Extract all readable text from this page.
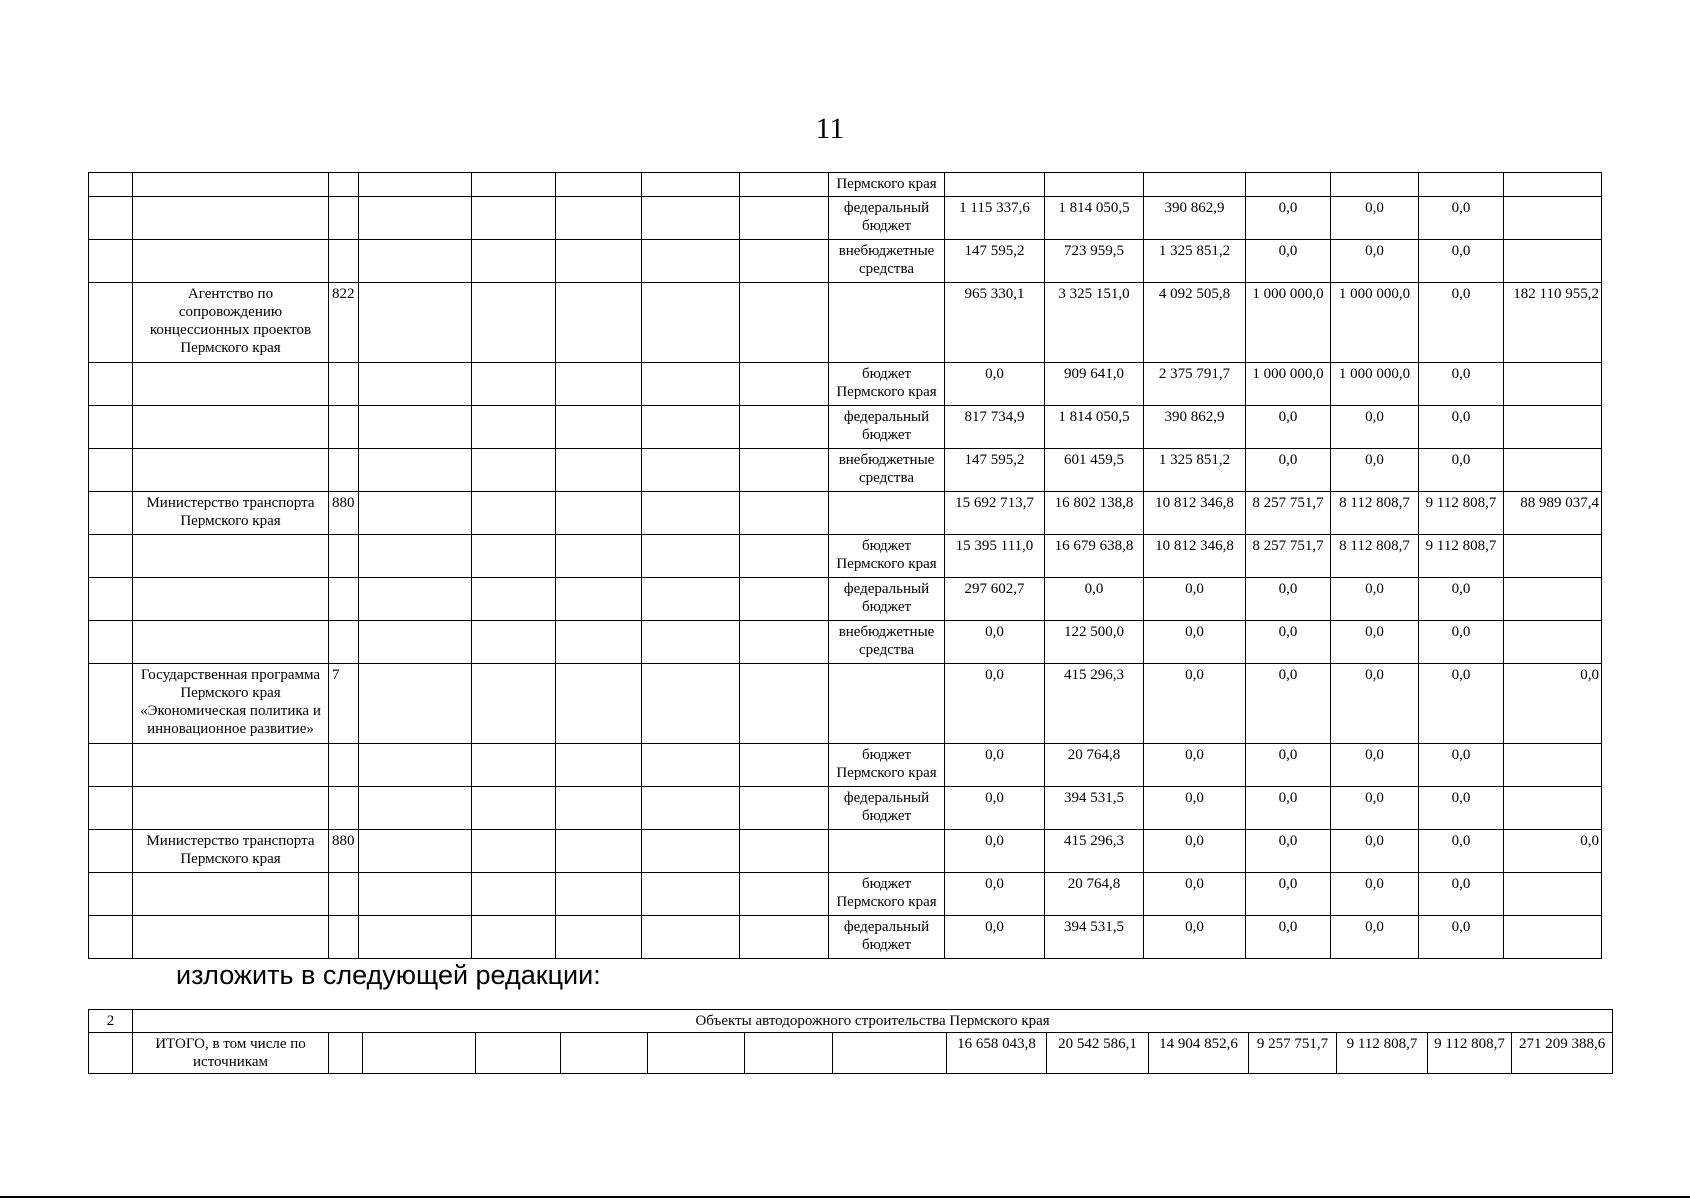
11
								Пермского края							
								федеральный бюджет	1 115 337,6	1 814 050,5	390 862,9	0,0	0,0	0,0	
								внебюджетные средства	147 595,2	723 959,5	1 325 851,2	0,0	0,0	0,0	
	Агентство по сопровождению концессионных проектов Пермского края	822							965 330,1	3 325 151,0	4 092 505,8	1 000 000,0	1 000 000,0	0,0	182 110 955,2
								бюджет Пермского края	0,0	909 641,0	2 375 791,7	1 000 000,0	1 000 000,0	0,0	
								федеральный бюджет	817 734,9	1 814 050,5	390 862,9	0,0	0,0	0,0	
								внебюджетные средства	147 595,2	601 459,5	1 325 851,2	0,0	0,0	0,0	
	Министерство транспорта Пермского края	880							15 692 713,7	16 802 138,8	10 812 346,8	8 257 751,7	8 112 808,7	9 112 808,7	88 989 037,4
								бюджет Пермского края	15 395 111,0	16 679 638,8	10 812 346,8	8 257 751,7	8 112 808,7	9 112 808,7	
								федеральный бюджет	297 602,7	0,0	0,0	0,0	0,0	0,0	
								внебюджетные средства	0,0	122 500,0	0,0	0,0	0,0	0,0	
	Государственная программа Пермского края «Экономическая политика и инновационное развитие»	7							0,0	415 296,3	0,0	0,0	0,0	0,0	0,0
								бюджет Пермского края	0,0	20 764,8	0,0	0,0	0,0	0,0	
								федеральный бюджет	0,0	394 531,5	0,0	0,0	0,0	0,0	
	Министерство транспорта Пермского края	880							0,0	415 296,3	0,0	0,0	0,0	0,0	0,0
								бюджет Пермского края	0,0	20 764,8	0,0	0,0	0,0	0,0	
								федеральный бюджет	0,0	394 531,5	0,0	0,0	0,0	0,0	
изложить в следующей редакции:
2	Объекты автодорожного строительства Пермского края														
	ИТОГО, в том числе по источникам								16 658 043,8	20 542 586,1	14 904 852,6	9 257 751,7	9 112 808,7	9 112 808,7	271 209 388,6
